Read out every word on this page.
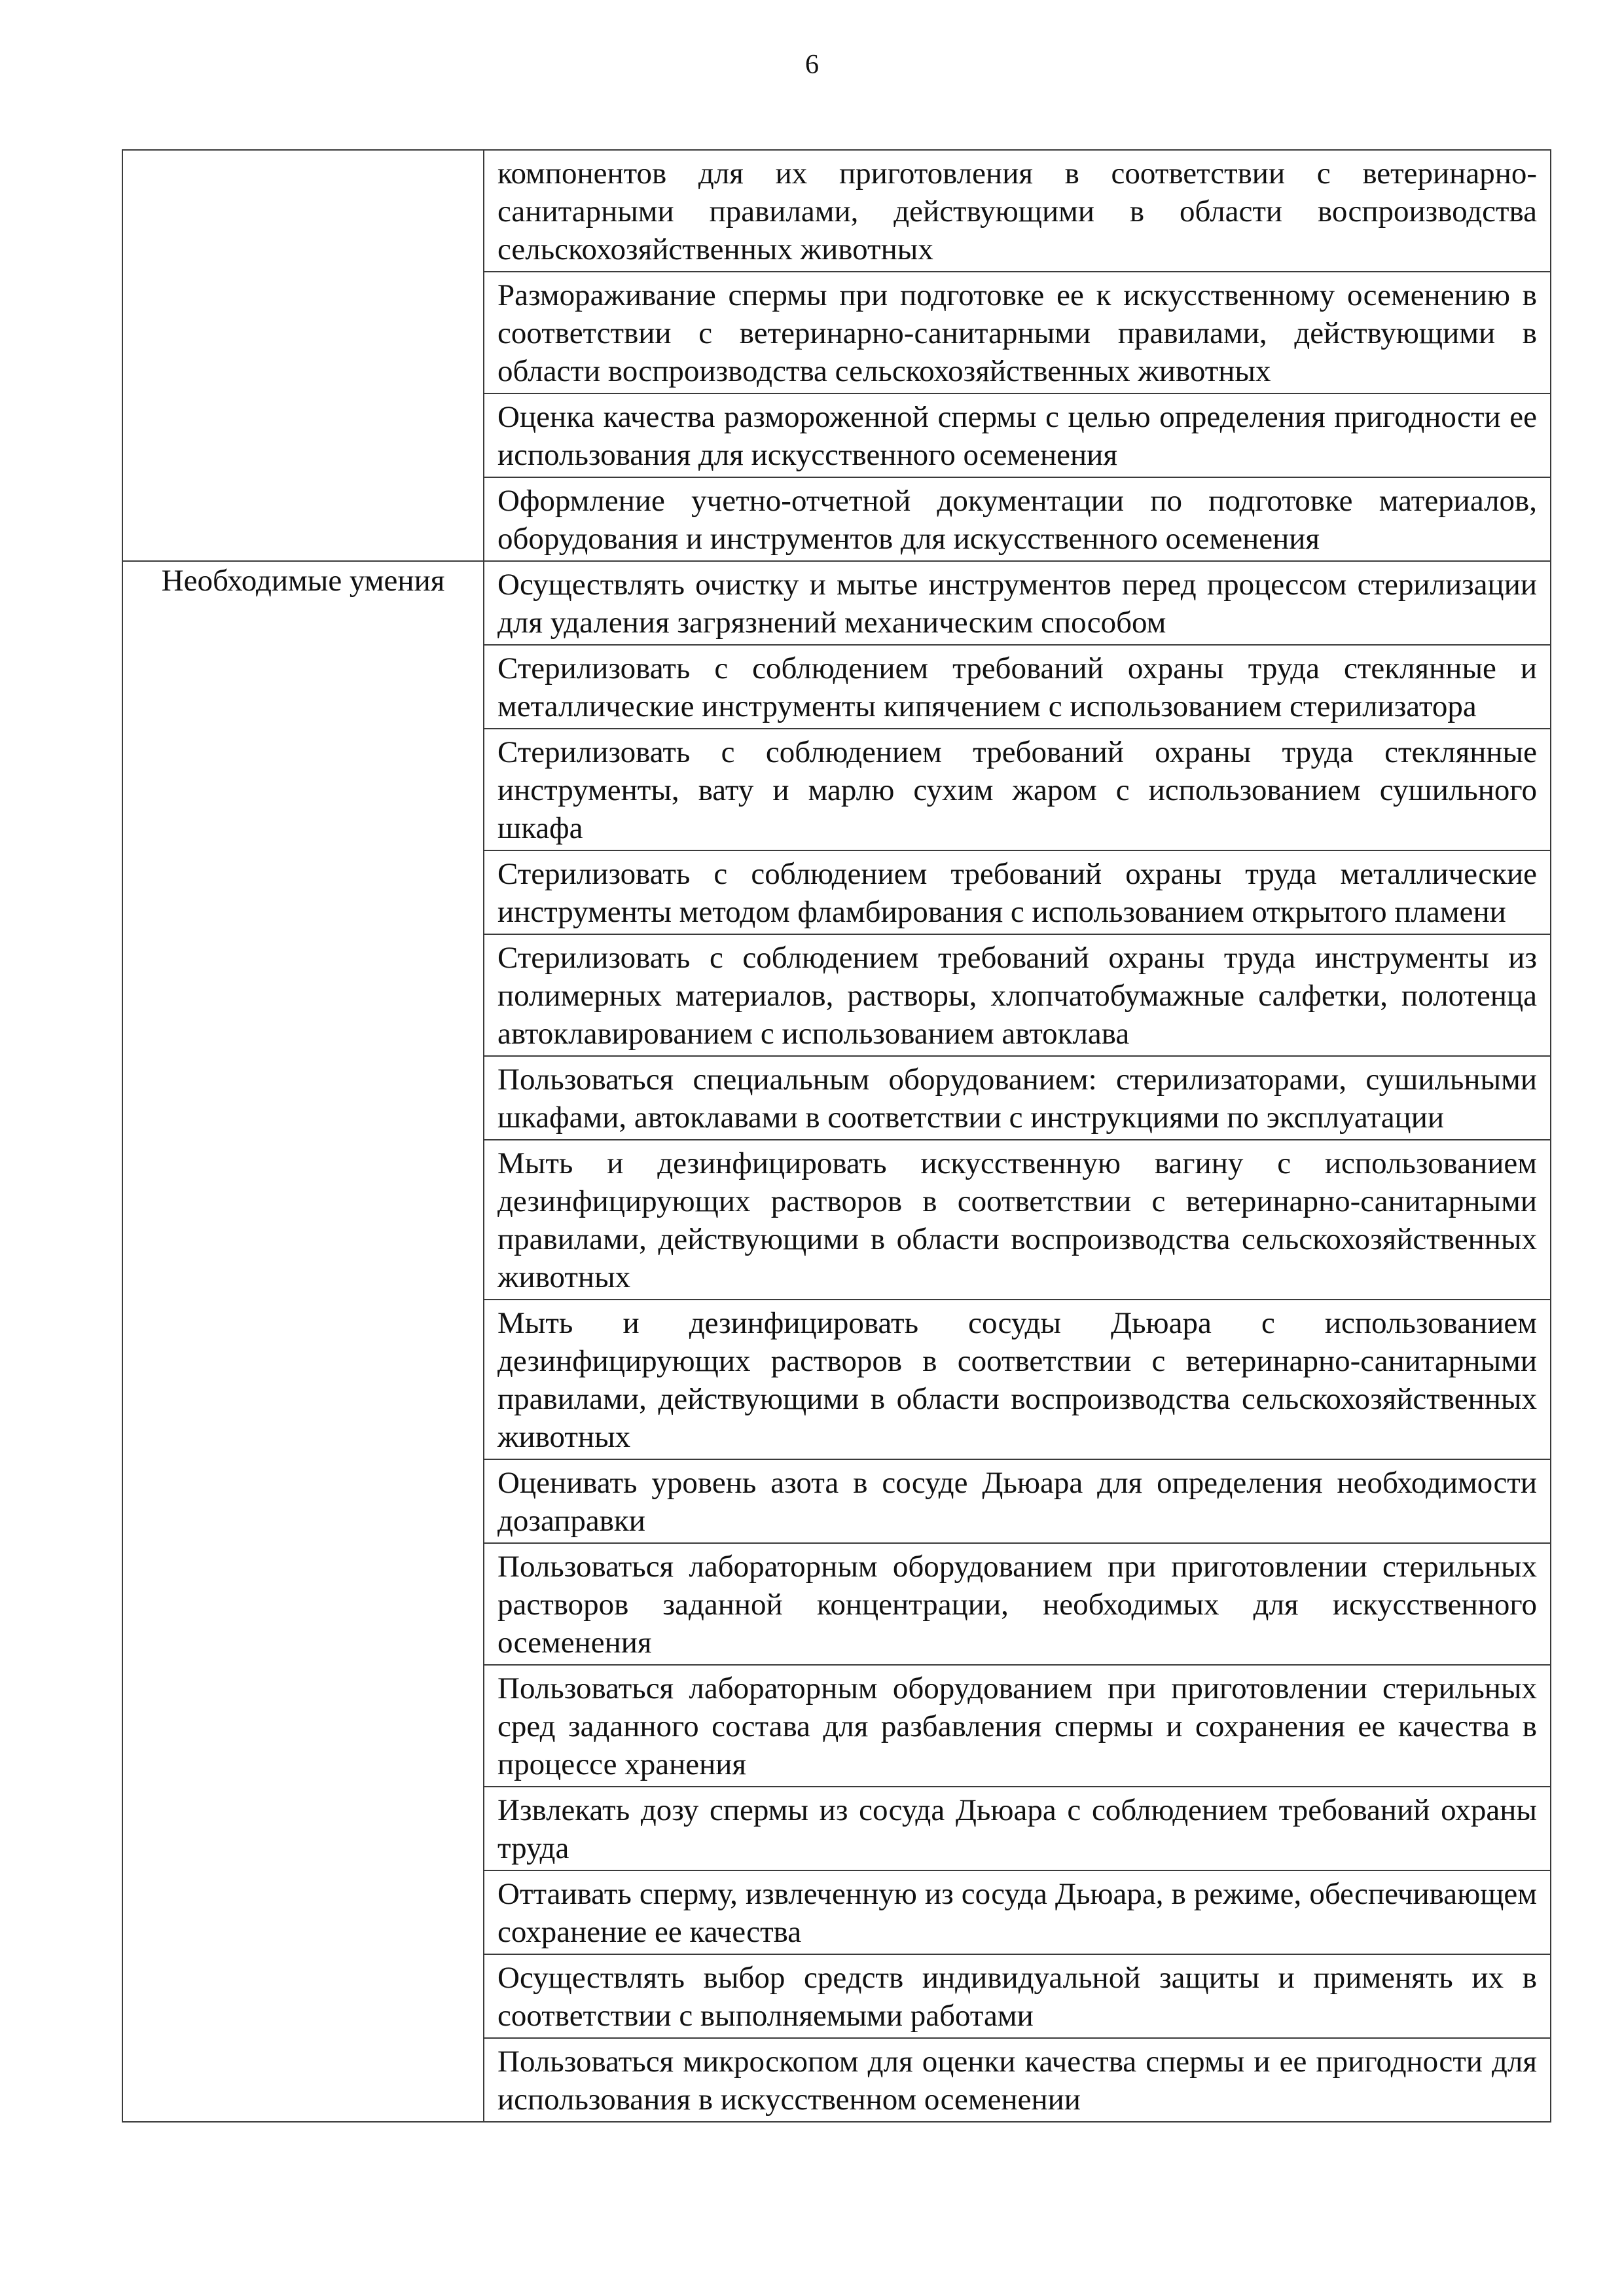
6

	компонентов для их приготовления в соответствии с ветеринарно-санитарными правилами, действующими в области воспроизводства сельскохозяйственных животных

	Размораживание спермы при подготовке ее к искусственному осеменению в соответствии с ветеринарно-санитарными правилами, действующими в области воспроизводства сельскохозяйственных животных

	Оценка качества размороженной спермы с целью определения пригодности ее использования для искусственного осеменения

	Оформление учетно-отчетной документации по подготовке материалов, оборудования и инструментов для искусственного осеменения

Необходимые умения	Осуществлять очистку и мытье инструментов перед процессом стерилизации для удаления загрязнений механическим способом

	Стерилизовать с соблюдением требований охраны труда стеклянные и металлические инструменты кипячением с использованием стерилизатора

	Стерилизовать с соблюдением требований охраны труда стеклянные инструменты, вату и марлю сухим жаром с использованием сушильного шкафа

	Стерилизовать с соблюдением требований охраны труда металлические инструменты методом фламбирования с использованием открытого пламени

	Стерилизовать с соблюдением требований охраны труда инструменты из полимерных материалов, растворы, хлопчатобумажные салфетки, полотенца автоклавированием с использованием автоклава

	Пользоваться специальным оборудованием: стерилизаторами, сушильными шкафами, автоклавами в соответствии с инструкциями по эксплуатации

	Мыть и дезинфицировать искусственную вагину с использованием дезинфицирующих растворов в соответствии с ветеринарно-санитарными правилами, действующими в области воспроизводства сельскохозяйственных животных

	Мыть и дезинфицировать сосуды Дьюара с использованием дезинфицирующих растворов в соответствии с ветеринарно-санитарными правилами, действующими в области воспроизводства сельскохозяйственных животных

	Оценивать уровень азота в сосуде Дьюара для определения необходимости дозаправки

	Пользоваться лабораторным оборудованием при приготовлении стерильных растворов заданной концентрации, необходимых для искусственного осеменения

	Пользоваться лабораторным оборудованием при приготовлении стерильных сред заданного состава для разбавления спермы и сохранения ее качества в процессе хранения

	Извлекать дозу спермы из сосуда Дьюара с соблюдением требований охраны труда

	Оттаивать сперму, извлеченную из сосуда Дьюара, в режиме, обеспечивающем сохранение ее качества

	Осуществлять выбор средств индивидуальной защиты и применять их в соответствии с выполняемыми работами

	Пользоваться микроскопом для оценки качества спермы и ее пригодности для использования в искусственном осеменении
